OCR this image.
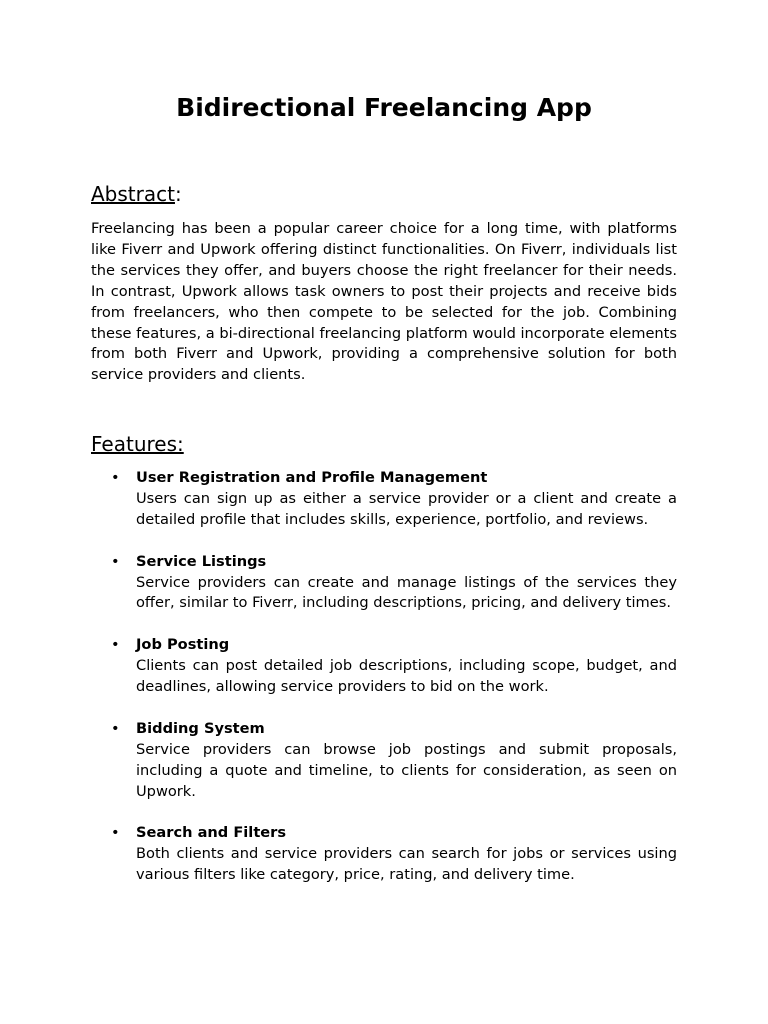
Bidirectional Freelancing App
Abstract:

Freelancing has been a popular career choice for a long time, with platforms like Fiverr and Upwork offering distinct functionalities. On Fiverr, individuals list the services they offer, and buyers choose the right freelancer for their needs. In contrast, Upwork allows task owners to post their projects and receive bids from freelancers, who then compete to be selected for the job. Combining these features, a bi-directional freelancing platform would incorporate elements from both Fiverr and Upwork, providing a comprehensive solution for both service providers and clients.

Features:
• User Registration and Profile Management
Users can sign up as either a service provider or a client and create a detailed profile that includes skills, experience, portfolio, and reviews.
• Service Listings
Service providers can create and manage listings of the services they offer, similar to Fiverr, including descriptions, pricing, and delivery times.
• Job Posting
Clients can post detailed job descriptions, including scope, budget, and deadlines, allowing service providers to bid on the work.
• Bidding System
Service providers can browse job postings and submit proposals, including a quote and timeline, to clients for consideration, as seen on Upwork.
• Search and Filters
Both clients and service providers can search for jobs or services using various filters like category, price, rating, and delivery time.
